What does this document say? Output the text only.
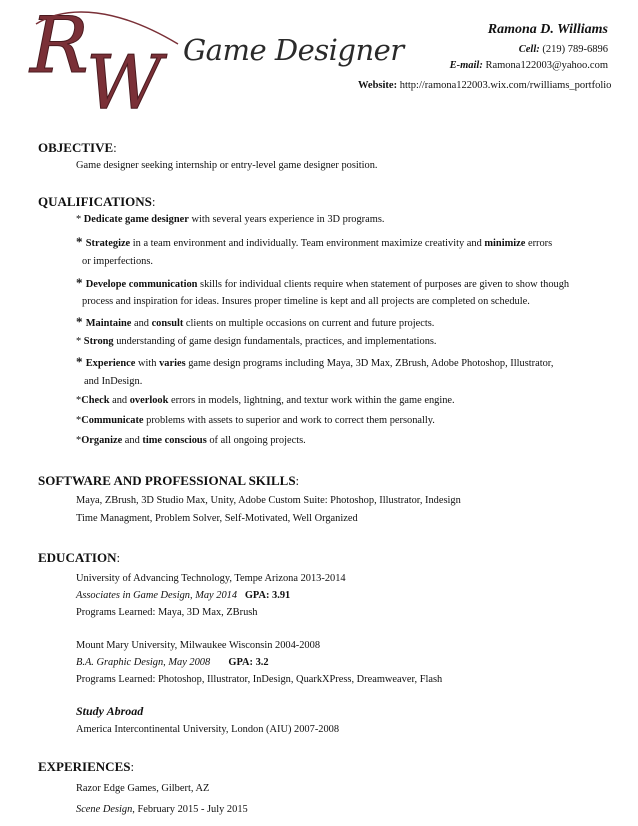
R
W Game Designer
Ramona D. Williams
Cell: (219) 789-6896
E-mail: Ramona122003@yahoo.com
Website: http://ramona122003.wix.com/rwilliams_portfolio
OBJECTIVE:
Game designer seeking internship or entry-level game designer position.
QUALIFICATIONS:
* Dedicate game designer with several years experience in 3D programs.
* Strategize in a team environment and individually. Team environment maximize creativity and minimize errors
or imperfections.
* Develope communication skills for individual clients require when statement of purposes are given to show though
process and inspiration for ideas. Insures proper timeline is kept and all projects are completed on schedule.
* Maintaine and consult clients on multiple occasions on current and future projects.
* Strong understanding of game design fundamentals, practices, and implementations.
* Experience with varies game design programs including Maya, 3D Max, ZBrush, Adobe Photoshop, Illustrator,
and InDesign.
*Check and overlook errors in models, lightning, and textur work within the game engine.
*Communicate problems with assets to superior and work to correct them personally.
*Organize and time conscious of all ongoing projects.
SOFTWARE AND PROFESSIONAL SKILLS:
Maya, ZBrush, 3D Studio Max, Unity, Adobe Custom Suite: Photoshop, Illustrator, Indesign
Time Managment, Problem Solver, Self-Motivated, Well Organized
EDUCATION:
University of Advancing Technology, Tempe Arizona 2013-2014
Associates in Game Design, May 2014 GPA: 3.91
Programs Learned: Maya, 3D Max, ZBrush
Mount Mary University, Milwaukee Wisconsin 2004-2008
B.A. Graphic Design, May 2008 GPA: 3.2
Programs Learned: Photoshop, Illustrator, InDesign, QuarkXPress, Dreamweaver, Flash
Study Abroad
America Intercontinental University, London (AIU) 2007-2008
EXPERIENCES:
Razor Edge Games, Gilbert, AZ
Scene Design, February 2015 - July 2015
